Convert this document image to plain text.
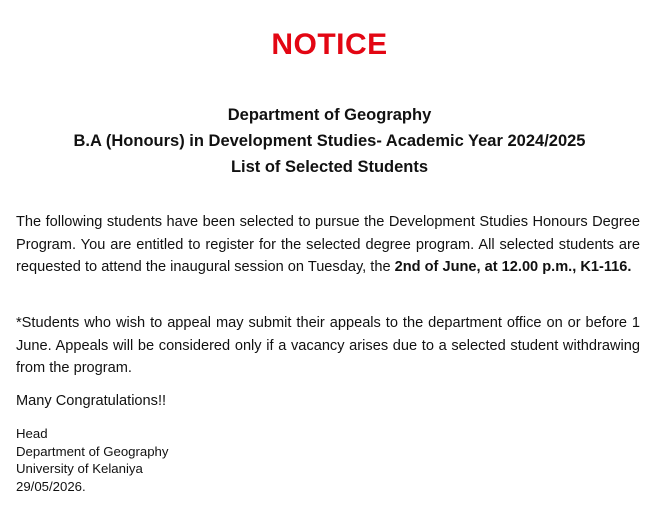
NOTICE
Department of Geography
B.A (Honours) in Development Studies- Academic Year 2024/2025
List of Selected Students

The following students have been selected to pursue the Development Studies Honours Degree Program. You are entitled to register for the selected degree program. All selected students are requested to attend the inaugural session on Tuesday, the 2nd of June, at 12.00 p.m., K1-116.

*Students who wish to appeal may submit their appeals to the department office on or before 1 June. Appeals will be considered only if a vacancy arises due to a selected student withdrawing from the program.

Many Congratulations!!

Head
Department of Geography
University of Kelaniya
29/05/2026.
